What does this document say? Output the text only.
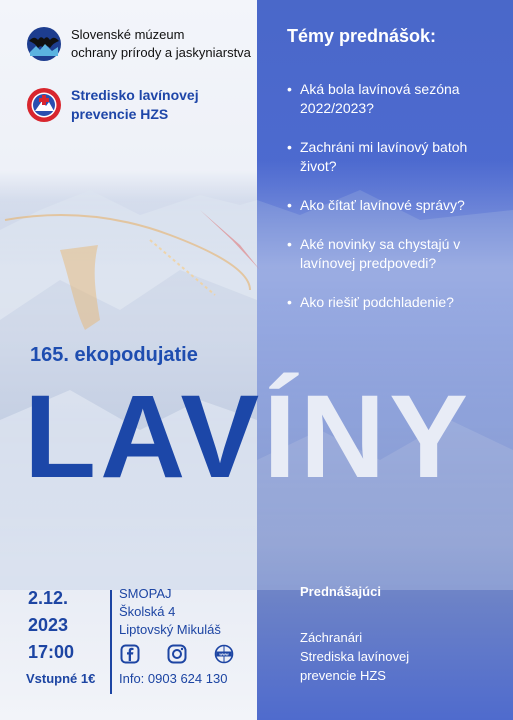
Slovenské múzeum
ochrany prírody a jaskyniarstva
Stredisko lavínovej
prevencie HZS
Témy prednášok:
• Aká bola lavínová sezóna 2022/2023?
• Zachráni mi lavínový batoh život?
• Ako čítať lavínové správy?
• Aké novinky sa chystajú v lavínovej predpovedi?
• Ako riešiť podchladenie?
165. ekopodujatie
LAVÍNY
2.12.
2023
17:00
Vstupné 1€
SMOPAJ
Školská 4
Liptovský Mikuláš
www
Info: 0903 624 130
Prednášajúci
Záchranári
Strediska lavínovej
prevencie HZS
